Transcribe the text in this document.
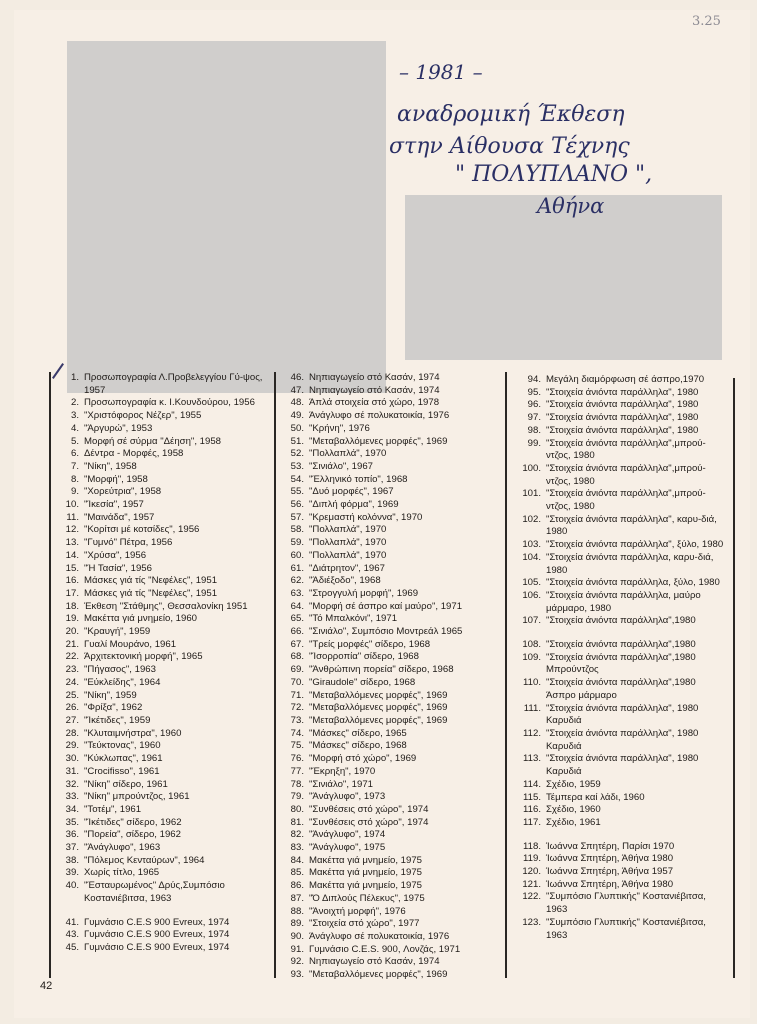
3.25
– 1981 –
αναδρομική Έκθεση
στην Αίθουσα Τέχνης
" ΠΟΛΥΠΛΑΝΟ ",
Αθήνα
1. Προσωπογραφία Λ.Προβελεγγίου Γύ-ψος, 1957
2. Προσωπογραφία κ. Ι.Κουνδούρου, 1956
3. "Χριστόφορος Νέζερ", 1955
4. "Άργυρώ", 1953
5. Μορφή σέ σύρμα "Δέηση", 1958
6. Δέντρα - Μορφές, 1958
7. "Νίκη", 1958
8. "Μορφή", 1958
9. "Χορεύτρια", 1958
10. "Ίκεσία", 1957
11. "Μαινάδα", 1957
12. "Κορίτσι μέ κοτσίδες", 1956
13. "Γυμνό" Πέτρα, 1956
14. "Χρύσα", 1956
15. "Ή Τασία", 1956
16. Μάσκες γιά τίς "Νεφέλες", 1951
17. Μάσκες γιά τίς "Νεφέλες", 1951
18. Έκθεση "Στάθμης", Θεσσαλονίκη 1951
19. Μακέττα γιά μνημείο, 1960
20. "Κραυγή", 1959
21. Γυαλί Μουράνο, 1961
22. Άρχιτεκτονική μορφή", 1965
23. "Πήγασος", 1963
24. "Εύκλείδης", 1964
25. "Νίκη", 1959
26. "Φρίξα", 1962
27. "Ίκέτιδες", 1959
28. "Κλυταιμνήστρα", 1960
29. "Τεύκτονας", 1960
30. "Κύκλωπας", 1961
31. "Crocifisso", 1961
32. "Νίκη" σίδερο, 1961
33. "Νίκη" μπρούντζος, 1961
34. "Τοτέμ", 1961
35. "Ίκέτιδες" σίδερο, 1962
36. "Πορεία", σίδερο, 1962
37. "Άνάγλυφο", 1963
38. "Πόλεμος Κενταύρων", 1964
39. Χωρίς τίτλο, 1965
40. "Έσταυρωμένος" Δρύς,Συμπόσιο Κοστανιέβιτσα, 1963
41. Γυμνάσιο C.E.S 900 Evreux, 1974
43. Γυμνάσιο C.E.S 900 Evreux, 1974
45. Γυμνάσιο C.E.S 900 Evreux, 1974
46. Νηπιαγωγείο στό Κασάν, 1974
47. Νηπιαγωγείο στό Κασάν, 1974
48. Άπλά στοιχεία στό χώρο, 1978
49. Άνάγλυφο σέ πολυκατοικία, 1976
50. "Κρήνη", 1976
51. "Μεταβαλλόμενες μορφές", 1969
52. "Πολλαπλά", 1970
53. "Σινιάλο", 1967
54. "Έλληνικό τοπίο", 1968
55. "Δυό μορφές", 1967
56. "Διπλή φόρμα", 1969
57. "Κρεμαστή κολόννα", 1970
58. "Πολλαπλά", 1970
59. "Πολλαπλά", 1970
60. "Πολλαπλά", 1970
61. "Διάτρητον", 1967
62. "Άδιέξοδο", 1968
63. "Στρογγυλή μορφή", 1969
64. "Μορφή σέ άσπρο καί μαύρο", 1971
65. "Τό Μπαλκόνι", 1971
66. "Σινιάλο", Συμπόσιο Μοντρεάλ 1965
67. "Τρείς μορφές" σίδερο, 1968
68. "Ίσορροπία" σίδερο, 1968
69. "Άνθρώπινη πορεία" σίδερο, 1968
70. "Giraudole" σίδερο, 1968
71. "Μεταβαλλόμενες μορφές", 1969
72. "Μεταβαλλόμενες μορφές", 1969
73. "Μεταβαλλόμενες μορφές", 1969
74. "Μάσκες" σίδερο, 1965
75. "Μάσκες" σίδερο, 1968
76. "Μορφή στό χώρο", 1969
77. "Έκρηξη", 1970
78. "Σινιάλο", 1971
79. "Άνάγλυφο", 1973
80. "Συνθέσεις στό χώρο", 1974
81. "Συνθέσεις στό χώρο", 1974
82. "Άνάγλυφο", 1974
83. "Άνάγλυφο", 1975
84. Μακέττα γιά μνημείο, 1975
85. Μακέττα γιά μνημείο, 1975
86. Μακέττα γιά μνημείο, 1975
87. "Ό Διπλούς Πέλεκυς", 1975
88. "Άνοιχτή μορφή", 1976
89. "Στοιχεία στό χώρο", 1977
90. Άνάγλυφο σέ πολυκατοικία, 1976
91. Γυμνάσιο C.E.S. 900, Λονζάς, 1971
92. Νηπιαγωγείο στό Κασάν, 1974
93. "Μεταβαλλόμενες μορφές", 1969
94. Μεγάλη διαμόρφωση σέ άσπρο,1970
95. "Στοιχεία άνιόντα παράλληλα", 1980
96. "Στοιχεία άνιόντα παράλληλα", 1980
97. "Στοιχεία άνιόντα παράλληλα", 1980
98. "Στοιχεία άνιόντα παράλληλα", 1980
99. "Στοιχεία άνιόντα παράλληλα",μπρού-ντζος, 1980
100. "Στοιχεία άνιόντα παράλληλα",μπρού-ντζος, 1980
101. "Στοιχεία άνιόντα παράλληλα",μπρού-ντζος, 1980
102. "Στοιχεία άνιόντα παράλληλα", καρυ-διά, 1980
103. "Στοιχεία άνιόντα παράλληλα", ξύλο, 1980
104. "Στοιχεία άνιόντα παράλληλα, καρυ-διά, 1980
105. "Στοιχεία άνιόντα παράλληλα, ξύλο, 1980
106. "Στοιχεία άνιόντα παράλληλα, μαύρο μάρμαρο, 1980
107. "Στοιχεία άνιόντα παράλληλα",1980
108. "Στοιχεία άνιόντα παράλληλα",1980
109. "Στοιχεία άνιόντα παράλληλα",1980 Μπρούντζος
110. "Στοιχεία άνιόντα παράλληλα",1980 Άσπρο μάρμαρο
111. "Στοιχεία άνιόντα παράλληλα", 1980 Καρυδιά
112. "Στοιχεία άνιόντα παράλληλα", 1980 Καρυδιά
113. "Στοιχεία άνιόντα παράλληλα", 1980 Καρυδιά
114. Σχέδιο, 1959
115. Τέμπερα καί λάδι, 1960
116. Σχέδιο, 1960
117. Σχέδιο, 1961
118. Ίωάννα Σπητέρη, Παρίσι 1970
119. Ίωάννα Σπητέρη, Άθήνα 1980
120. Ίωάννα Σπητέρη, Άθήνα 1957
121. Ίωάννα Σπητέρη, Άθήνα 1980
122. "Συμπόσιο Γλυπτικής" Κοστανιέβιτσα, 1963
123. "Συμπόσιο Γλυπτικής" Κοστανιέβιτσα, 1963
42
